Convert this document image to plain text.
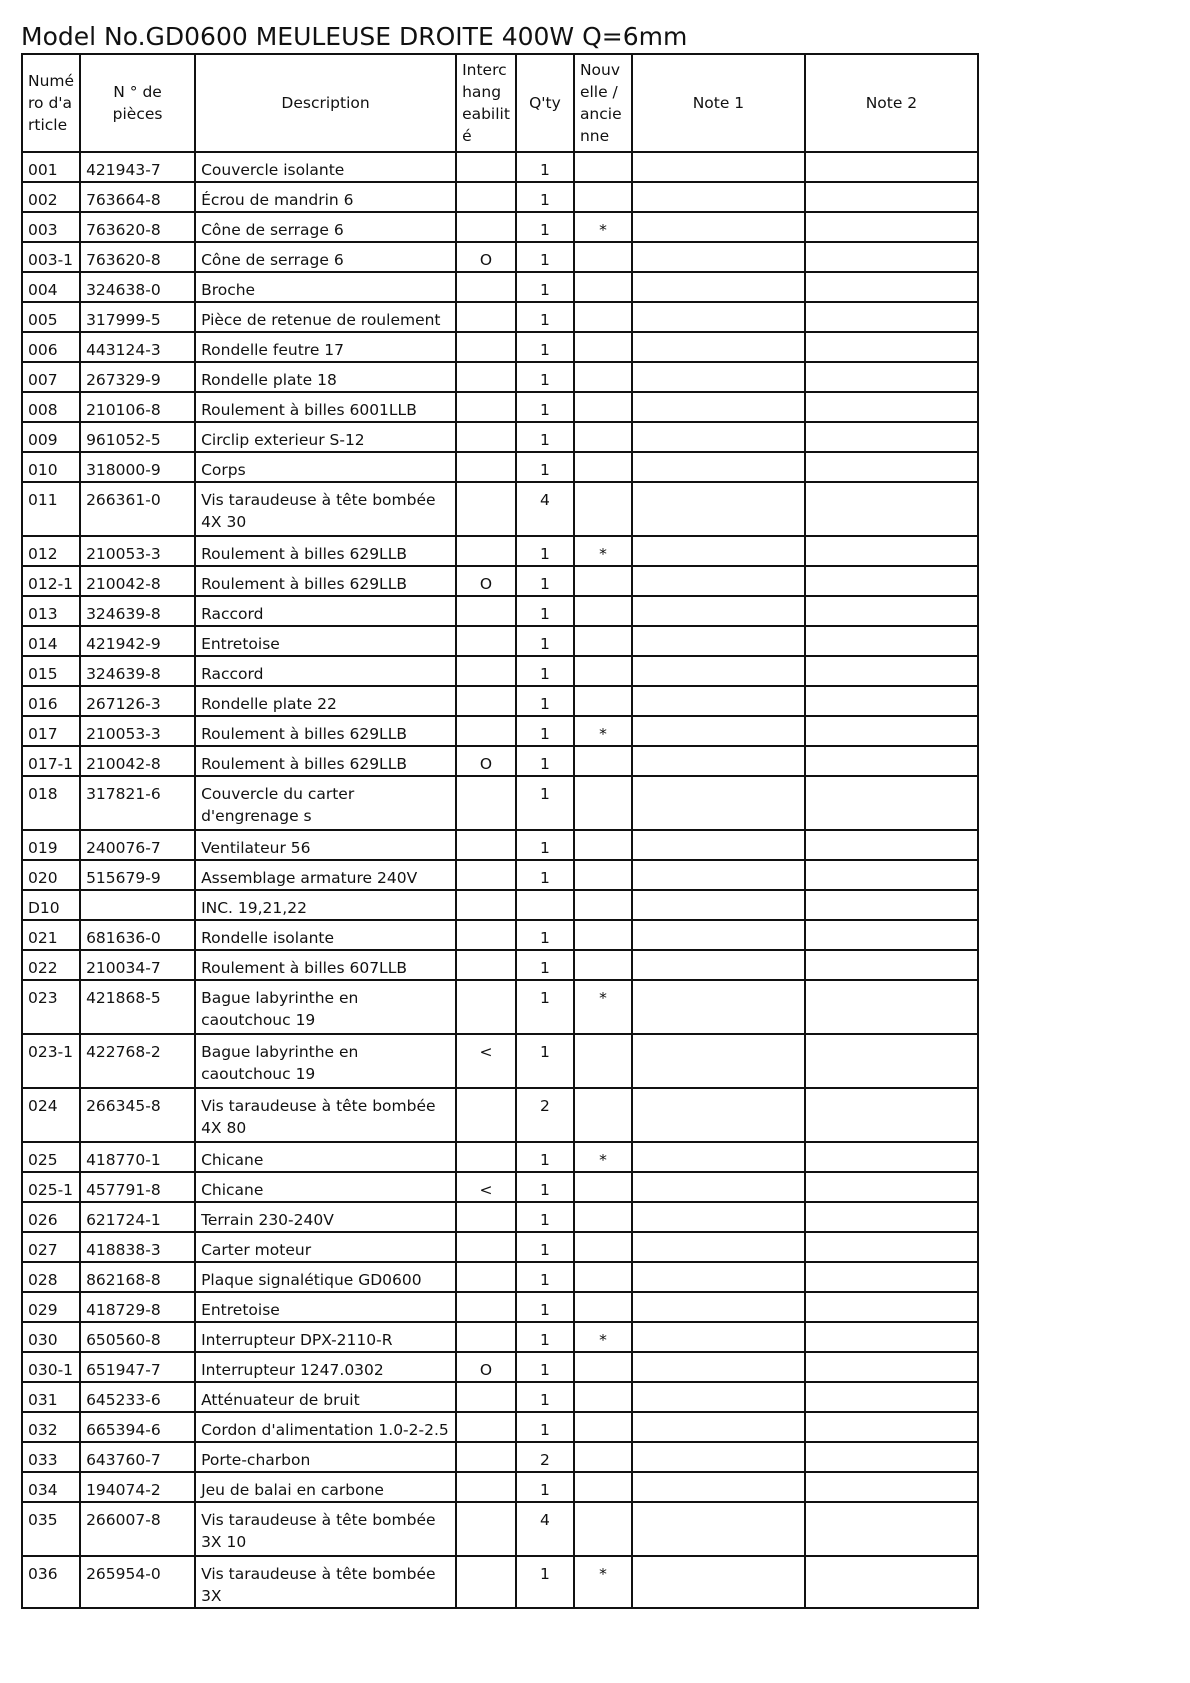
Model No.GD0600 MEULEUSE DROITE 400W Q=6mm
Numé ro d'a rticle	N ° de pièces	Description	Interc hang eabilit é	Q'ty	Nouv elle / ancie nne	Note 1	Note 2
001	421943-7	Couvercle isolante		1			
002	763664-8	Écrou de mandrin 6		1			
003	763620-8	Cône de serrage 6		1	*		
003-1	763620-8	Cône de serrage 6	O	1			
004	324638-0	Broche		1			
005	317999-5	Pièce de retenue de roulement		1			
006	443124-3	Rondelle feutre 17		1			
007	267329-9	Rondelle plate 18		1			
008	210106-8	Roulement à billes 6001LLB		1			
009	961052-5	Circlip exterieur S-12		1			
010	318000-9	Corps		1			
011	266361-0	Vis taraudeuse à tête bombée 4X 30		4			
012	210053-3	Roulement à billes 629LLB		1	*		
012-1	210042-8	Roulement à billes 629LLB	O	1			
013	324639-8	Raccord		1			
014	421942-9	Entretoise		1			
015	324639-8	Raccord		1			
016	267126-3	Rondelle plate 22		1			
017	210053-3	Roulement à billes 629LLB		1	*		
017-1	210042-8	Roulement à billes 629LLB	O	1			
018	317821-6	Couvercle du carter d'engrenage s		1			
019	240076-7	Ventilateur 56		1			
020	515679-9	Assemblage armature 240V		1			
D10		INC. 19,21,22					
021	681636-0	Rondelle isolante		1			
022	210034-7	Roulement à billes 607LLB		1			
023	421868-5	Bague labyrinthe en caoutchouc 19		1	*		
023-1	422768-2	Bague labyrinthe en caoutchouc 19	<	1			
024	266345-8	Vis taraudeuse à tête bombée 4X 80		2			
025	418770-1	Chicane		1	*		
025-1	457791-8	Chicane	<	1			
026	621724-1	Terrain 230-240V		1			
027	418838-3	Carter moteur		1			
028	862168-8	Plaque signalétique GD0600		1			
029	418729-8	Entretoise		1			
030	650560-8	Interrupteur DPX-2110-R		1	*		
030-1	651947-7	Interrupteur 1247.0302	O	1			
031	645233-6	Atténuateur de bruit		1			
032	665394-6	Cordon d'alimentation 1.0-2-2.5		1			
033	643760-7	Porte-charbon		2			
034	194074-2	Jeu de balai en carbone		1			
035	266007-8	Vis taraudeuse à tête bombée 3X 10		4			
036	265954-0	Vis taraudeuse à tête bombée 3X		1	*		
